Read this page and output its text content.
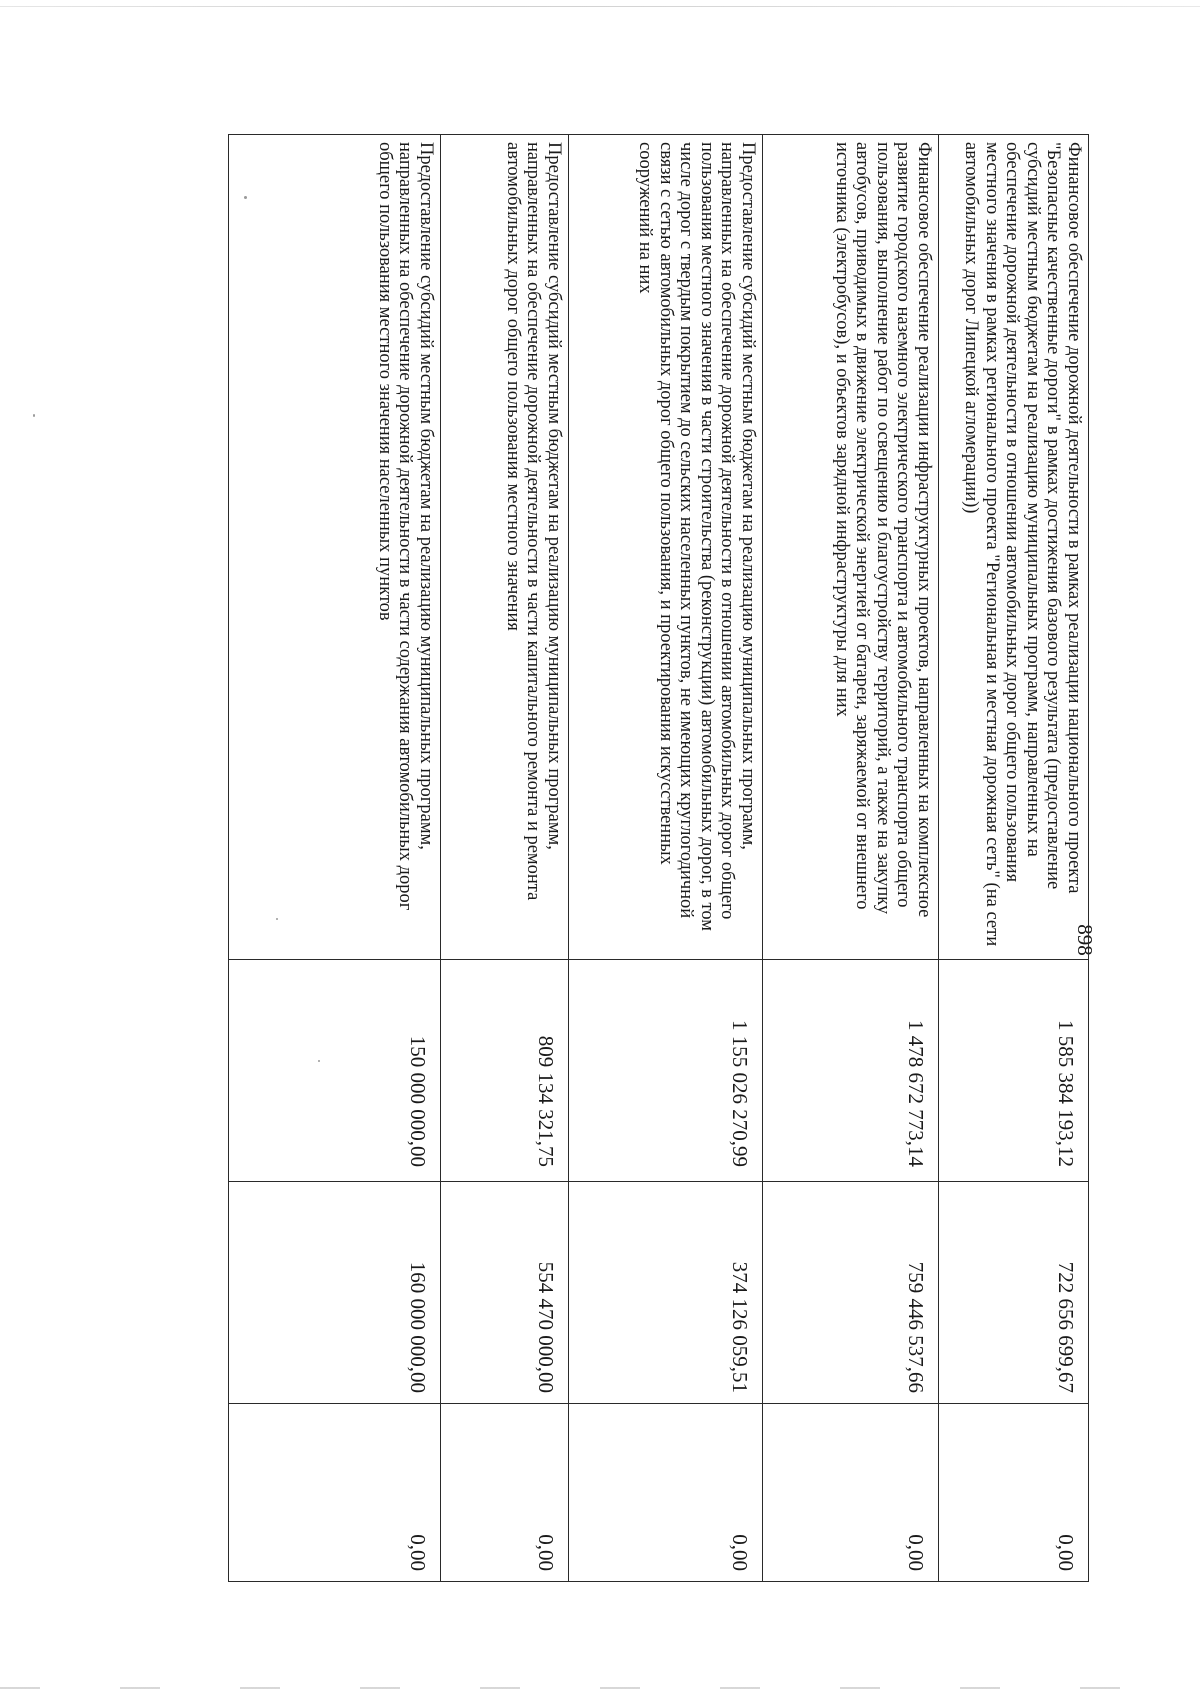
898
Финансовое обеспечение дорожной деятельности в рамках реализации национального проекта "Безопасные качественные дороги" в рамках достижения базового результата (предоставление субсидий местным бюджетам на реализацию муниципальных программ, направленных на обеспечение дорожной деятельности в отношении автомобильных дорог общего пользования местного значения в рамках регионального проекта "Региональная и местная дорожная сеть" (на сети автомобильных дорог Липецкой агломерации))	1 585 384 193,12	722 656 699,67	0,00
Финансовое обеспечение реализации инфраструктурных проектов, направленных на комплексное развитие городского наземного электрического транспорта и автомобильного транспорта общего пользования, выполнение работ по освещению и благоустройству территорий, а также на закупку автобусов, приводимых в движение электрической энергией от батареи, заряжаемой от внешнего источника (электробусов), и объектов зарядной инфраструктуры для них	1 478 672 773,14	759 446 537,66	0,00
Предоставление субсидий местным бюджетам на реализацию муниципальных программ, направленных на обеспечение дорожной деятельности в отношении автомобильных дорог общего пользования местного значения в части строительства (реконструкции) автомобильных дорог, в том числе дорог с твердым покрытием до сельских населенных пунктов, не имеющих круглогодичной связи с сетью автомобильных дорог общего пользования, и проектирования искусственных сооружений на них	1 155 026 270,99	374 126 059,51	0,00
Предоставление субсидий местным бюджетам на реализацию муниципальных программ, направленных на обеспечение дорожной деятельности в части капитального ремонта и ремонта автомобильных дорог общего пользования местного значения	809 134 321,75	554 470 000,00	0,00
Предоставление субсидий местным бюджетам на реализацию муниципальных программ, направленных на обеспечение дорожной деятельности в части содержания автомобильных дорог общего пользования местного значения населенных пунктов	150 000 000,00	160 000 000,00	0,00
